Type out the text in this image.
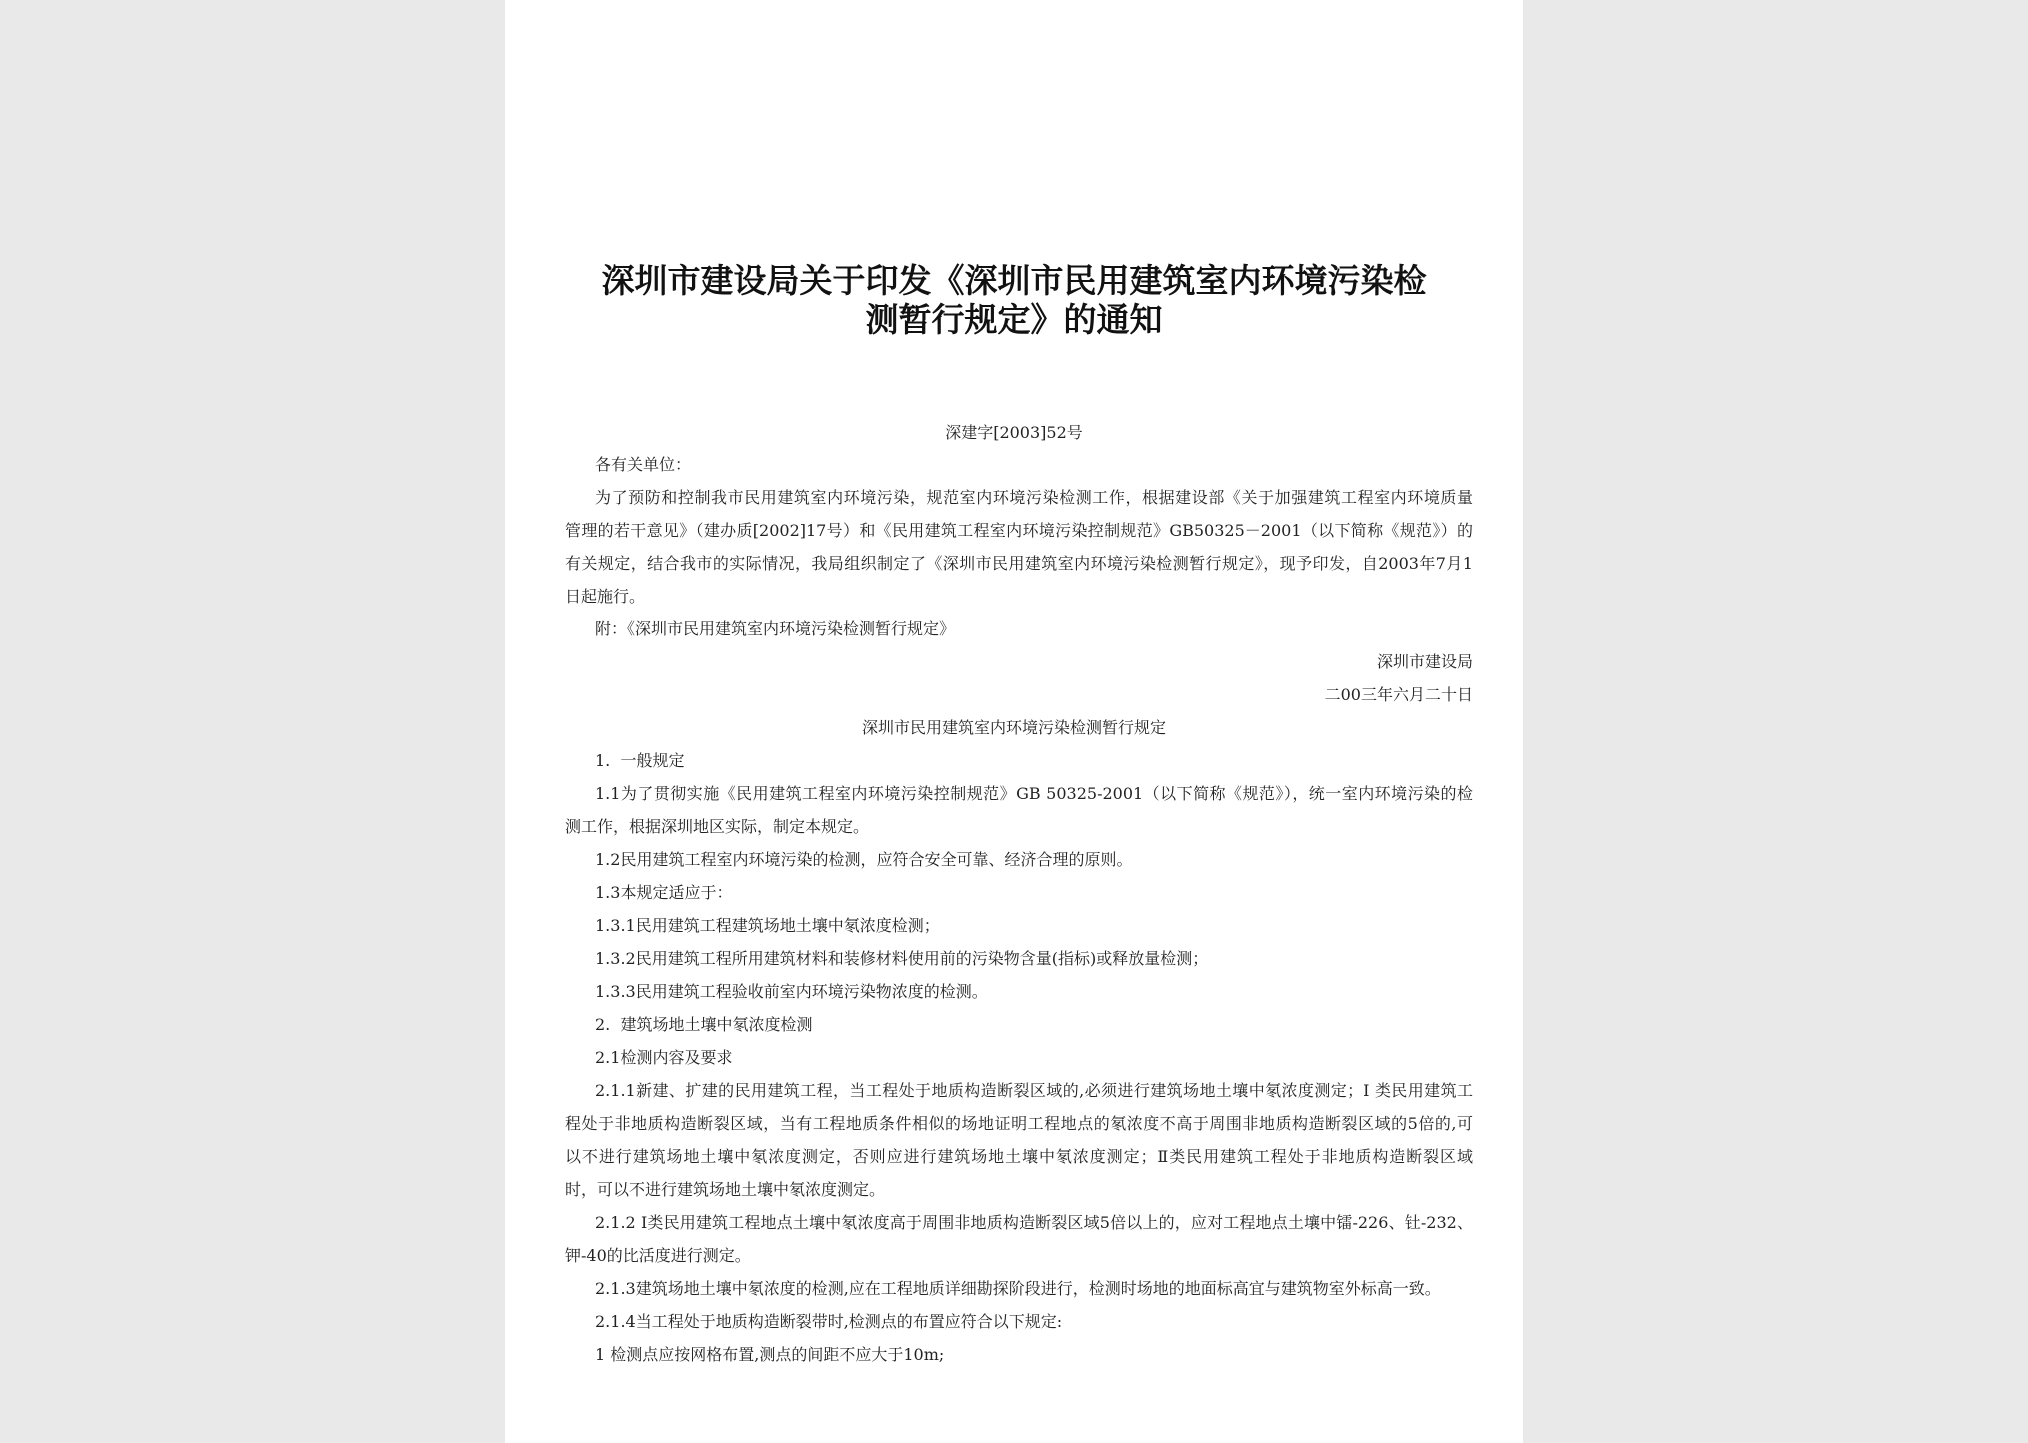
深圳市建设局关于印发《深圳市民用建筑室内环境污染检测暂行规定》的通知
深建字[2003]52号
各有关单位：
为了预防和控制我市民用建筑室内环境污染，规范室内环境污染检测工作，根据建设部《关于加强建筑工程室内环境质量
管理的若干意见》（建办质[2002]17号）和《民用建筑工程室内环境污染控制规范》GB50325－2001（以下简称《规范》）的
有关规定，结合我市的实际情况，我局组织制定了《深圳市民用建筑室内环境污染检测暂行规定》，现予印发，自2003年7月1
日起施行。
附：《深圳市民用建筑室内环境污染检测暂行规定》
深圳市建设局
二00三年六月二十日
深圳市民用建筑室内环境污染检测暂行规定
1.  一般规定
1.1为了贯彻实施《民用建筑工程室内环境污染控制规范》GB 50325-2001（以下简称《规范》），统一室内环境污染的检
测工作，根据深圳地区实际，制定本规定。
1.2民用建筑工程室内环境污染的检测，应符合安全可靠、经济合理的原则。
1.3本规定适应于：
1.3.1民用建筑工程建筑场地土壤中氡浓度检测；
1.3.2民用建筑工程所用建筑材料和装修材料使用前的污染物含量(指标)或释放量检测；
1.3.3民用建筑工程验收前室内环境污染物浓度的检测。
2.  建筑场地土壤中氡浓度检测
2.1检测内容及要求
2.1.1新建、扩建的民用建筑工程，当工程处于地质构造断裂区域的,必须进行建筑场地土壤中氡浓度测定；I 类民用建筑工
程处于非地质构造断裂区域，当有工程地质条件相似的场地证明工程地点的氡浓度不高于周围非地质构造断裂区域的5倍的,可
以不进行建筑场地土壤中氡浓度测定，否则应进行建筑场地土壤中氡浓度测定；Ⅱ类民用建筑工程处于非地质构造断裂区域
时，可以不进行建筑场地土壤中氡浓度测定。
2.1.2 I类民用建筑工程地点土壤中氡浓度高于周围非地质构造断裂区域5倍以上的，应对工程地点土壤中镭-226、钍-232、
钾-40的比活度进行测定。
2.1.3建筑场地土壤中氡浓度的检测,应在工程地质详细勘探阶段进行，检测时场地的地面标高宜与建筑物室外标高一致。
2.1.4当工程处于地质构造断裂带时,检测点的布置应符合以下规定:
1 检测点应按网格布置,测点的间距不应大于10m;
